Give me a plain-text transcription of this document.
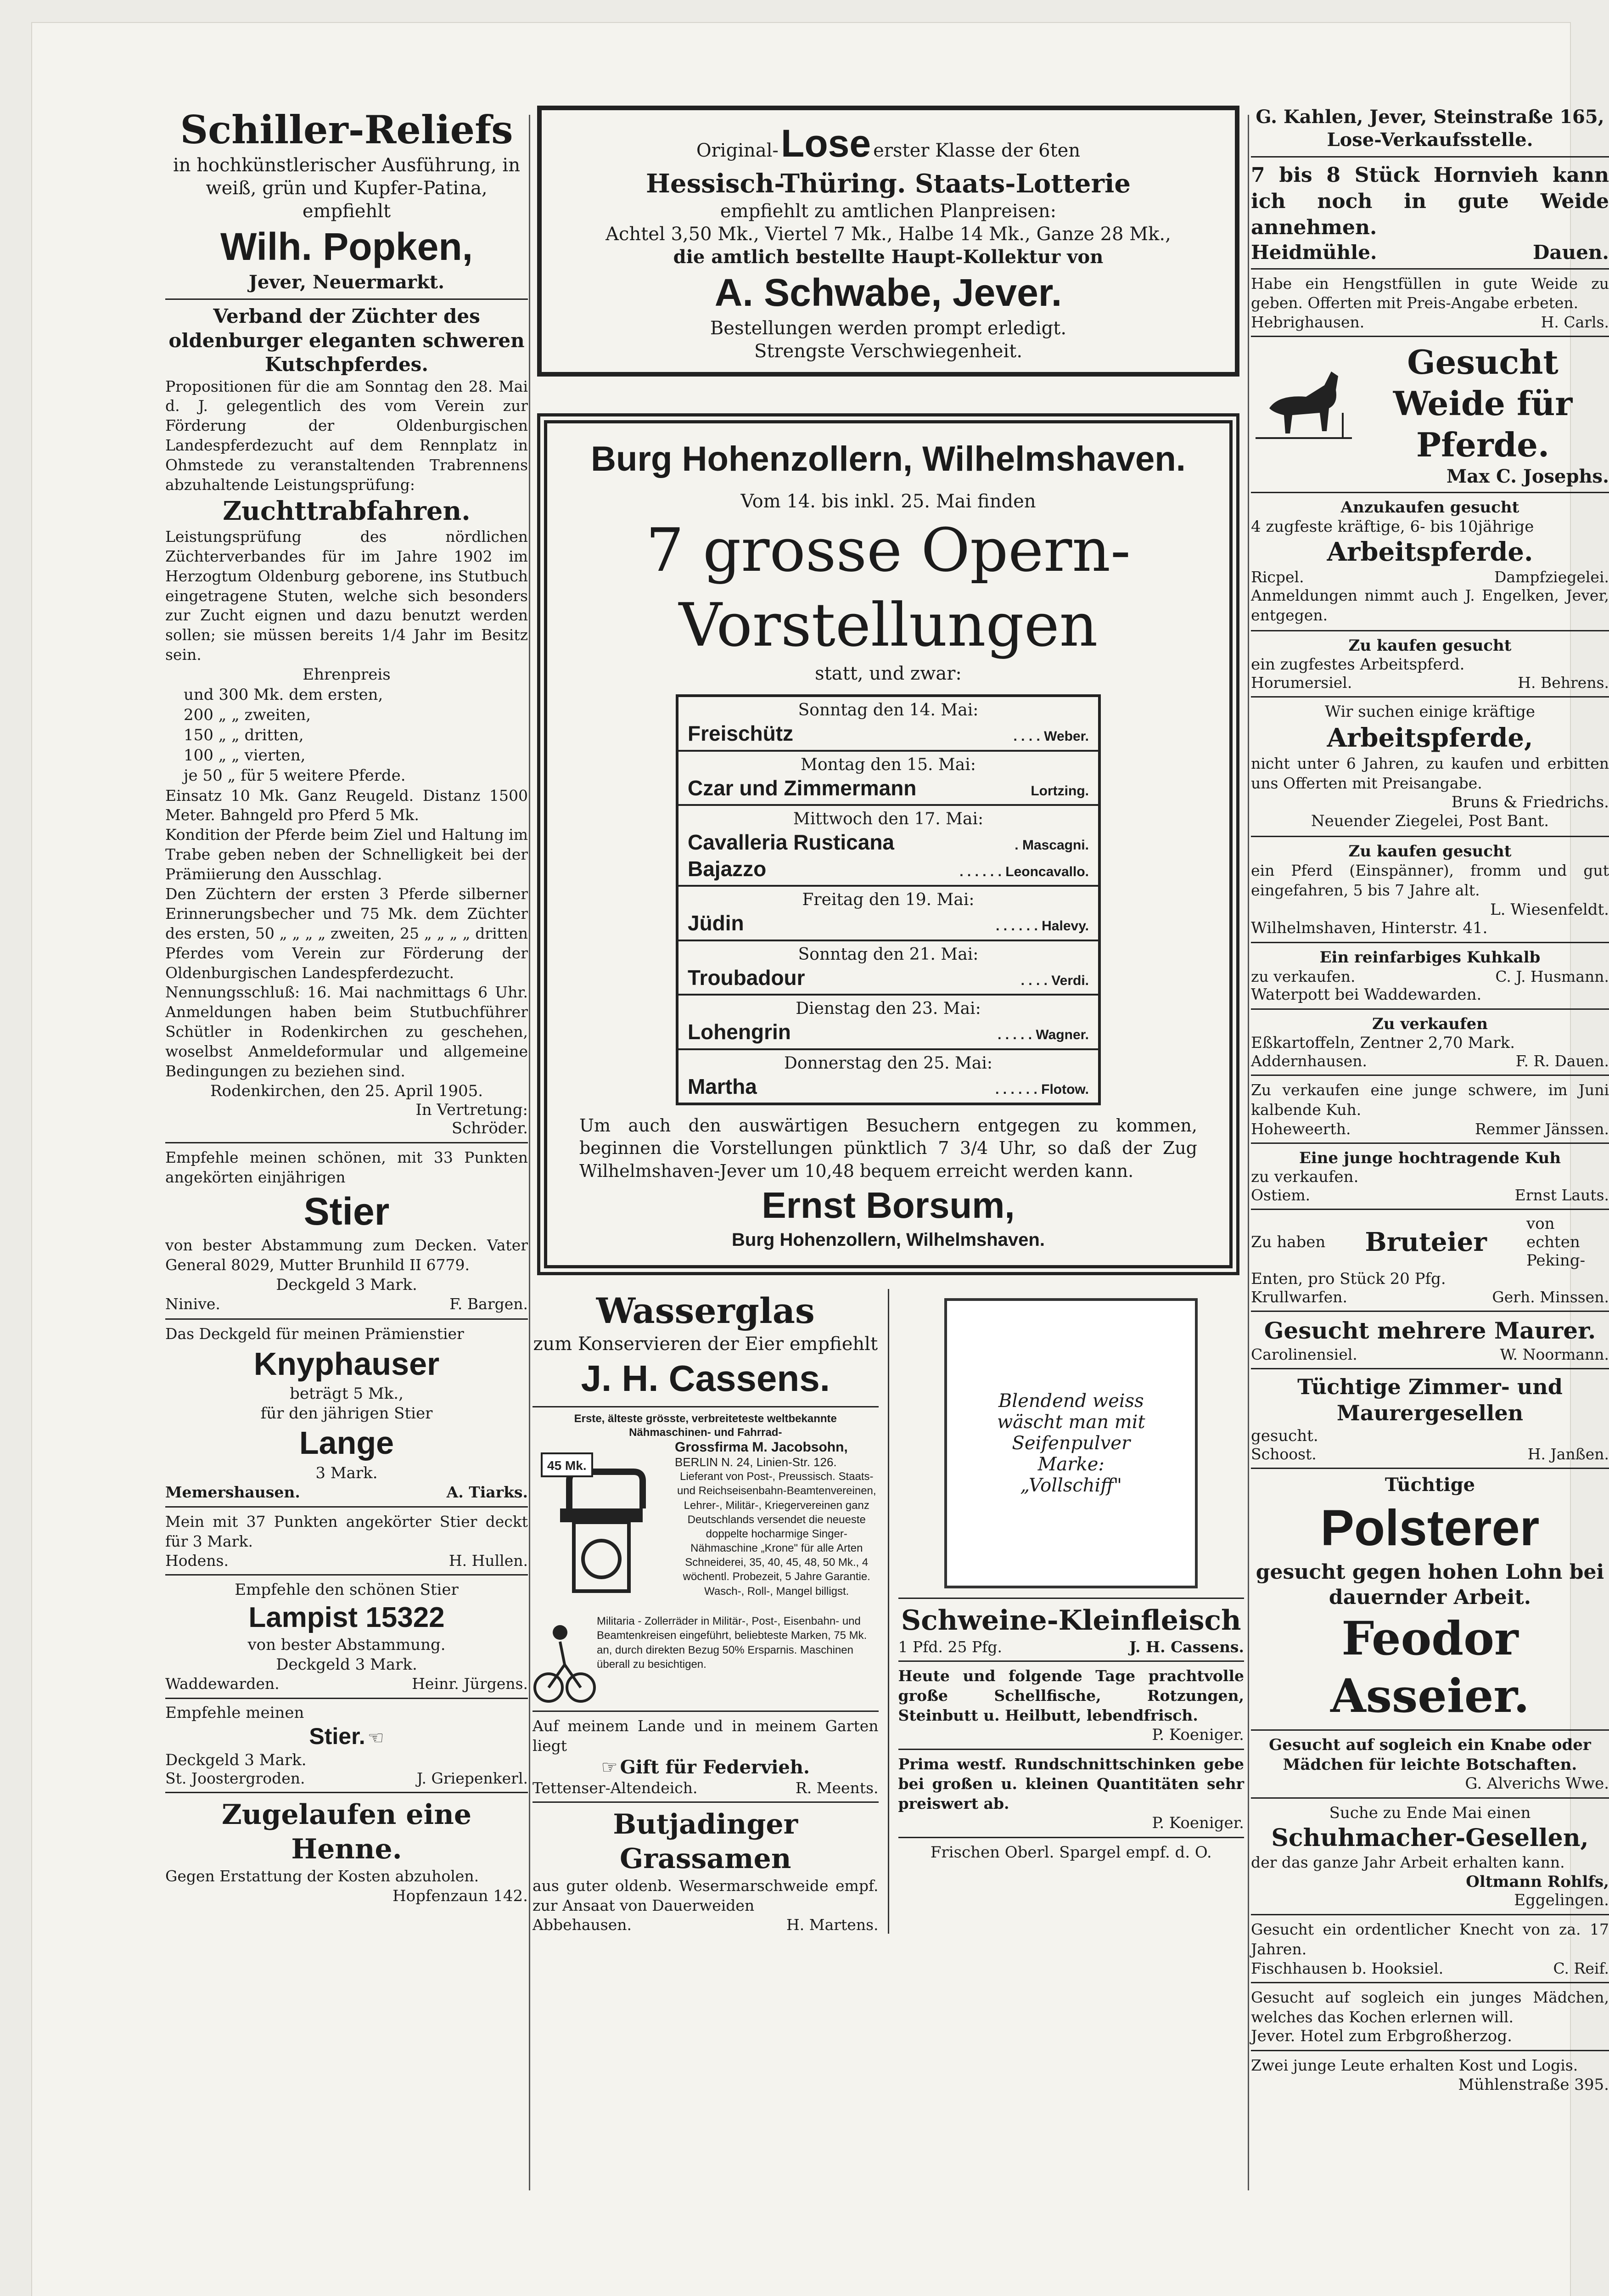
Schiller-Reliefs
in hochkünstlerischer Ausführung, in weiß, grün und Kupfer-Patina, empfiehlt
Wilh. Popken,
Jever, Neuermarkt.
Verband der Züchter des oldenburger eleganten schweren Kutschpferdes.
Propositionen für die am Sonntag den 28. Mai d. J. gelegentlich des vom Verein zur Förderung der Oldenburgischen Landespferdezucht auf dem Rennplatz in Ohmstede zu veranstaltenden Trabrennens abzuhaltende Leistungsprüfung:
Zuchttrabfahren.
Leistungsprüfung des nördlichen Züchterverbandes für im Jahre 1902 im Herzogtum Oldenburg geborene, ins Stutbuch eingetragene Stuten, welche sich besonders zur Zucht eignen und dazu benutzt werden sollen; sie müssen bereits 1/4 Jahr im Besitz sein.
Ehrenpreis
und 300 Mk. dem ersten,
200 „ „ zweiten,
150 „ „ dritten,
100 „ „ vierten,
je 50 „ für 5 weitere Pferde.
Einsatz 10 Mk. Ganz Reugeld. Distanz 1500 Meter. Bahngeld pro Pferd 5 Mk.
Kondition der Pferde beim Ziel und Haltung im Trabe geben neben der Schnelligkeit bei der Prämiierung den Ausschlag.
Den Züchtern der ersten 3 Pferde silberner Erinnerungsbecher und 75 Mk. dem Züchter des ersten, 50 „ „ „ „ zweiten, 25 „ „ „ „ dritten Pferdes vom Verein zur Förderung der Oldenburgischen Landespferdezucht.
Nennungsschluß: 16. Mai nachmittags 6 Uhr. Anmeldungen haben beim Stutbuchführer Schütler in Rodenkirchen zu geschehen, woselbst Anmeldeformular und allgemeine Bedingungen zu beziehen sind.
Rodenkirchen, den 25. April 1905.
In Vertretung:
Schröder.
Empfehle meinen schönen, mit 33 Punkten angekörten einjährigen
Stier
von bester Abstammung zum Decken. Vater General 8029, Mutter Brunhild II 6779.
Deckgeld 3 Mark.
Ninive.	F. Bargen.
Das Deckgeld für meinen Prämienstier
Knyphauser
beträgt 5 Mk.,
für den jährigen Stier
Lange
3 Mark.
Memershausen.	A. Tiarks.
Mein mit 37 Punkten angekörter Stier deckt für 3 Mark.
Hodens.	H. Hullen.
Empfehle den schönen Stier
Lampist 15322
von bester Abstammung.
Deckgeld 3 Mark.
Waddewarden.	Heinr. Jürgens.
Empfehle meinen
Stier. ☜
Deckgeld 3 Mark.
St. Joostergroden.	J. Griepenkerl.
Zugelaufen eine Henne.
Gegen Erstattung der Kosten abzuholen.
Hopfenzaun 142.
Original- Lose erster Klasse der 6ten
Hessisch-Thüring. Staats-Lotterie
empfiehlt zu amtlichen Planpreisen:
Achtel 3,50 Mk., Viertel 7 Mk., Halbe 14 Mk., Ganze 28 Mk.,
die amtlich bestellte Haupt-Kollektur von
A. Schwabe, Jever.
Bestellungen werden prompt erledigt.
Strengste Verschwiegenheit.
Burg Hohenzollern, Wilhelmshaven.
Vom 14. bis inkl. 25. Mai finden
7 grosse Opern-Vorstellungen
statt, und zwar:
Sonntag den 14. Mai:
Freischütz	. . . . Weber.
Montag den 15. Mai:
Czar und Zimmermann	Lortzing.
Mittwoch den 17. Mai:
Cavalleria Rusticana	. Mascagni.
Bajazzo	. . . . . . Leoncavallo.
Freitag den 19. Mai:
Jüdin	. . . . . . Halevy.
Sonntag den 21. Mai:
Troubadour	. . . . Verdi.
Dienstag den 23. Mai:
Lohengrin	. . . . . Wagner.
Donnerstag den 25. Mai:
Martha	. . . . . . Flotow.
Um auch den auswärtigen Besuchern entgegen zu kommen, beginnen die Vorstellungen pünktlich 7 3/4 Uhr, so daß der Zug Wilhelmshaven-Jever um 10,48 bequem erreicht werden kann.
Ernst Borsum,
Burg Hohenzollern, Wilhelmshaven.
Wasserglas
zum Konservieren der Eier empfiehlt
J. H. Cassens.
Erste, älteste grösste, verbreiteteste weltbekannte Nähmaschinen- und Fahrrad-
45 Mk.
Grossfirma M. Jacobsohn,
BERLIN N. 24, Linien-Str. 126.
Lieferant von Post-, Preussisch. Staats- und Reichseisenbahn-Beamtenvereinen, Lehrer-, Militär-, Kriegervereinen ganz Deutschlands versendet die neueste doppelte hocharmige Singer-Nähmaschine „Krone" für alle Arten Schneiderei, 35, 40, 45, 48, 50 Mk., 4 wöchentl. Probezeit, 5 Jahre Garantie. Wasch-, Roll-, Mangel billigst.
Militaria - Zollerräder in Militär-, Post-, Eisenbahn- und Beamtenkreisen eingeführt, beliebteste Marken, 75 Mk. an, durch direkten Bezug 50% Ersparnis. Maschinen überall zu besichtigen.
Auf meinem Lande und in meinem Garten liegt
☞ Gift für Federvieh.
Tettenser-Altendeich.	R. Meents.
Butjadinger Grassamen
aus guter oldenb. Wesermarschweide empf. zur Ansaat von Dauerweiden
Abbehausen.	H. Martens.
Blendend weiss
wäscht man mit
Seifenpulver
Marke:
„Vollschiff"
Schweine-Kleinfleisch
1 Pfd. 25 Pfg.	J. H. Cassens.
Heute und folgende Tage prachtvolle große Schellfische, Rotzungen, Steinbutt u. Heilbutt, lebendfrisch.
P. Koeniger.
Prima westf. Rundschnittschinken gebe bei großen u. kleinen Quantitäten sehr preiswert ab.
P. Koeniger.
Frischen Oberl. Spargel empf. d. O.
G. Kahlen, Jever, Steinstraße 165,
Lose-Verkaufsstelle.
7 bis 8 Stück Hornvieh kann ich noch in gute Weide annehmen.
Heidmühle.	Dauen.
Habe ein Hengstfüllen in gute Weide zu geben. Offerten mit Preis-Angabe erbeten.
Hebrighausen.	H. Carls.
Gesucht
Weide für
Pferde.
Max C. Josephs.
Anzukaufen gesucht
4 zugfeste kräftige, 6- bis 10jährige
Arbeitspferde.
Ricpel.	Dampfziegelei.
Anmeldungen nimmt auch J. Engelken, Jever, entgegen.
Zu kaufen gesucht
ein zugfestes Arbeitspferd.
Horumersiel.	H. Behrens.
Wir suchen einige kräftige
Arbeitspferde,
nicht unter 6 Jahren, zu kaufen und erbitten uns Offerten mit Preisangabe.
Bruns & Friedrichs.
Neuender Ziegelei, Post Bant.
Zu kaufen gesucht
ein Pferd (Einspänner), fromm und gut eingefahren, 5 bis 7 Jahre alt.
L. Wiesenfeldt.
Wilhelmshaven, Hinterstr. 41.
Ein reinfarbiges Kuhkalb
zu verkaufen.	C. J. Husmann.
Waterpott bei Waddewarden.
Zu verkaufen
Eßkartoffeln, Zentner 2,70 Mark.
Addernhausen.	F. R. Dauen.
Zu verkaufen eine junge schwere, im Juni kalbende Kuh.
Hoheweerth.	Remmer Jänssen.
Eine junge hochtragende Kuh
zu verkaufen.
Ostiem.	Ernst Lauts.
Zu haben Bruteier
von echten Peking-
Enten, pro Stück 20 Pfg.
Krullwarfen.	Gerh. Minssen.
Gesucht mehrere Maurer.
Carolinensiel.	W. Noormann.
Tüchtige Zimmer- und Maurergesellen
gesucht.
Schoost.	H. Janßen.
Tüchtige
Polsterer
gesucht gegen hohen Lohn bei dauernder Arbeit.
Feodor Asseier.
Gesucht auf sogleich ein Knabe oder Mädchen für leichte Botschaften.
G. Alverichs Wwe.
Suche zu Ende Mai einen
Schuhmacher-Gesellen,
der das ganze Jahr Arbeit erhalten kann.
Oltmann Rohlfs,
Eggelingen.
Gesucht ein ordentlicher Knecht von za. 17 Jahren.
Fischhausen b. Hooksiel.	C. Reif.
Gesucht auf sogleich ein junges Mädchen, welches das Kochen erlernen will.
Jever. Hotel zum Erbgroßherzog.
Zwei junge Leute erhalten Kost und Logis.
Mühlenstraße 395.
